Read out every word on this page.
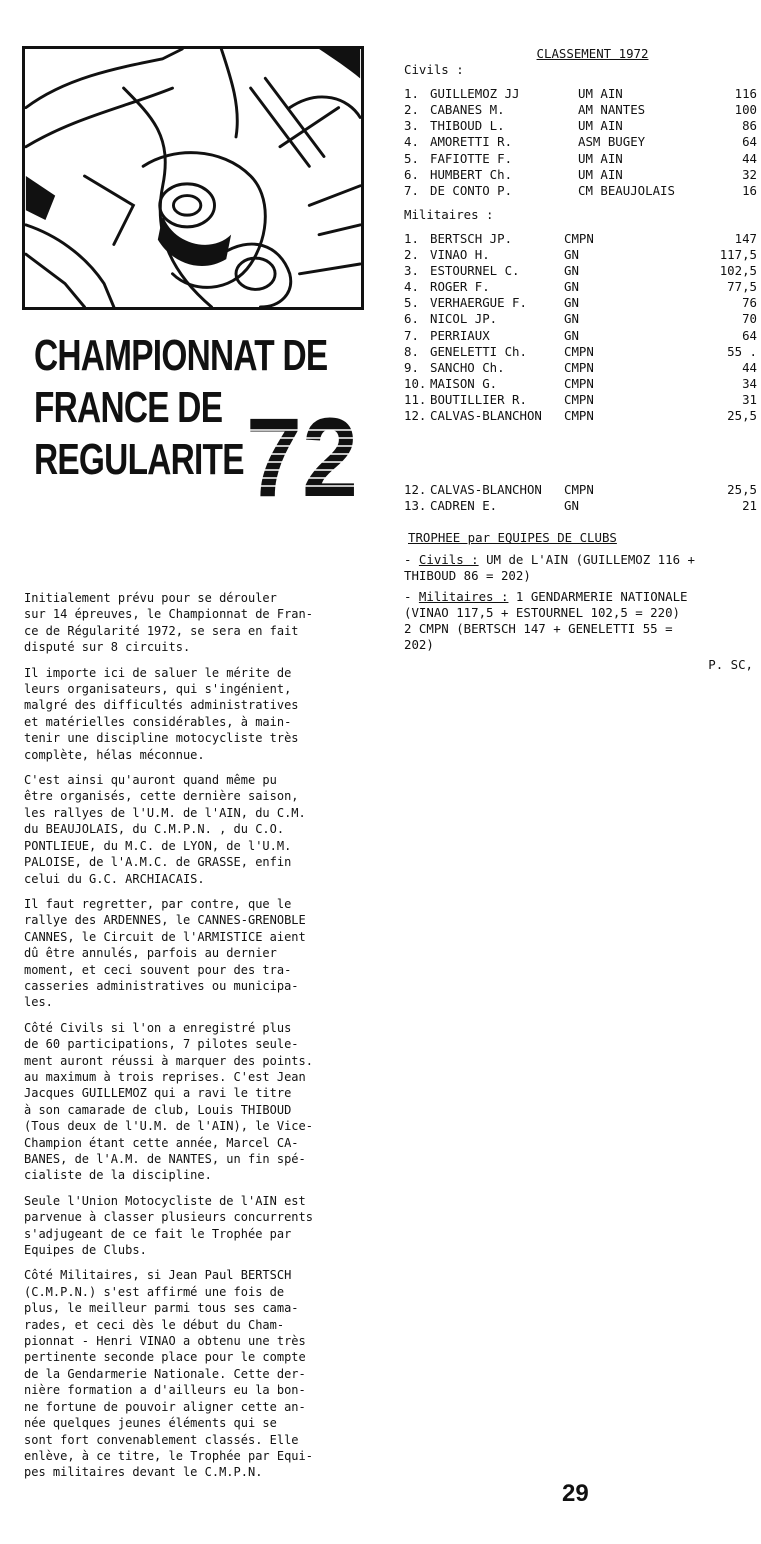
CHAMPIONNAT DE
FRANCE DE
REGULARITE 72

Initialement prévu pour se dérouler
sur 14 épreuves, le Championnat de Fran-
ce de Régularité 1972, se sera en fait
disputé sur 8 circuits.

Il importe ici de saluer le mérite de
leurs organisateurs, qui s'ingénient,
malgré des difficultés administratives
et matérielles considérables, à main-
tenir une discipline motocycliste très
complète, hélas méconnue.

C'est ainsi qu'auront quand même pu
être organisés, cette dernière saison,
les rallyes de l'U.M. de l'AIN, du C.M.
du BEAUJOLAIS, du C.M.P.N. , du C.O.
PONTLIEUE, du M.C. de LYON, de l'U.M.
PALOISE, de l'A.M.C. de GRASSE, enfin
celui du G.C. ARCHIACAIS.

Il faut regretter, par contre, que le
rallye des ARDENNES, le CANNES-GRENOBLE
CANNES, le Circuit de l'ARMISTICE aient
dû être annulés, parfois au dernier
moment, et ceci souvent pour des tra-
casseries administratives ou municipa-
les.

Côté Civils si l'on a enregistré plus
de 60 participations, 7 pilotes seule-
ment auront réussi à marquer des points.
au maximum à trois reprises. C'est Jean
Jacques GUILLEMOZ qui a ravi le titre
à son camarade de club, Louis THIBOUD
(Tous deux de l'U.M. de l'AIN), le Vice-
Champion étant cette année, Marcel CA-
BANES, de l'A.M. de NANTES, un fin spé-
cialiste de la discipline.

Seule l'Union Motocycliste de l'AIN est
parvenue à classer plusieurs concurrents
s'adjugeant de ce fait le Trophée par
Equipes de Clubs.

Côté Militaires, si Jean Paul BERTSCH
(C.M.P.N.) s'est affirmé une fois de
plus, le meilleur parmi tous ses cama-
rades, et ceci dès le début du Cham-
pionnat - Henri VINAO a obtenu une très
pertinente seconde place pour le compte
de la Gendarmerie Nationale. Cette der-
nière formation a d'ailleurs eu la bon-
ne fortune de pouvoir aligner cette an-
née quelques jeunes éléments qui se
sont fort convenablement classés. Elle
enlève, à ce titre, le Trophée par Equi-
pes militaires devant le C.M.P.N.

CLASSEMENT 1972
Civils :
1. GUILLEMOZ JJ	UM AIN	116
2. CABANES M.	AM NANTES	100
3. THIBOUD L.	UM AIN	86
4. AMORETTI R.	ASM BUGEY	64
5. FAFIOTTE F.	UM AIN	44
6. HUMBERT Ch.	UM AIN	32
7. DE CONTO P.	CM BEAUJOLAIS	16
Militaires :
1. BERTSCH JP.	CMPN	147
2. VINAO H.	GN	117,5
3. ESTOURNEL C.	GN	102,5
4. ROGER F.	GN	77,5
5. VERHAERGUE F.	GN	76
6. NICOL JP.	GN	70
7. PERRIAUX	GN	64
8. GENELETTI Ch.	CMPN	55 .
9. SANCHO Ch.	CMPN	44
10. MAISON G.	CMPN	34
11. BOUTILLIER R.	CMPN	31
12. CALVAS-BLANCHON	CMPN	25,5
12. CALVAS-BLANCHON	CMPN	25,5
13. CADREN E.	GN	21
TROPHEE par EQUIPES DE CLUBS

- Civils : UM de L'AIN (GUILLEMOZ 116 +
THIBOUD 86 = 202)

- Militaires : 1 GENDARMERIE NATIONALE
(VINAO 117,5 + ESTOURNEL 102,5 = 220)
2 CMPN (BERTSCH 147 + GENELETTI 55 =
202)

P. SC,
29
